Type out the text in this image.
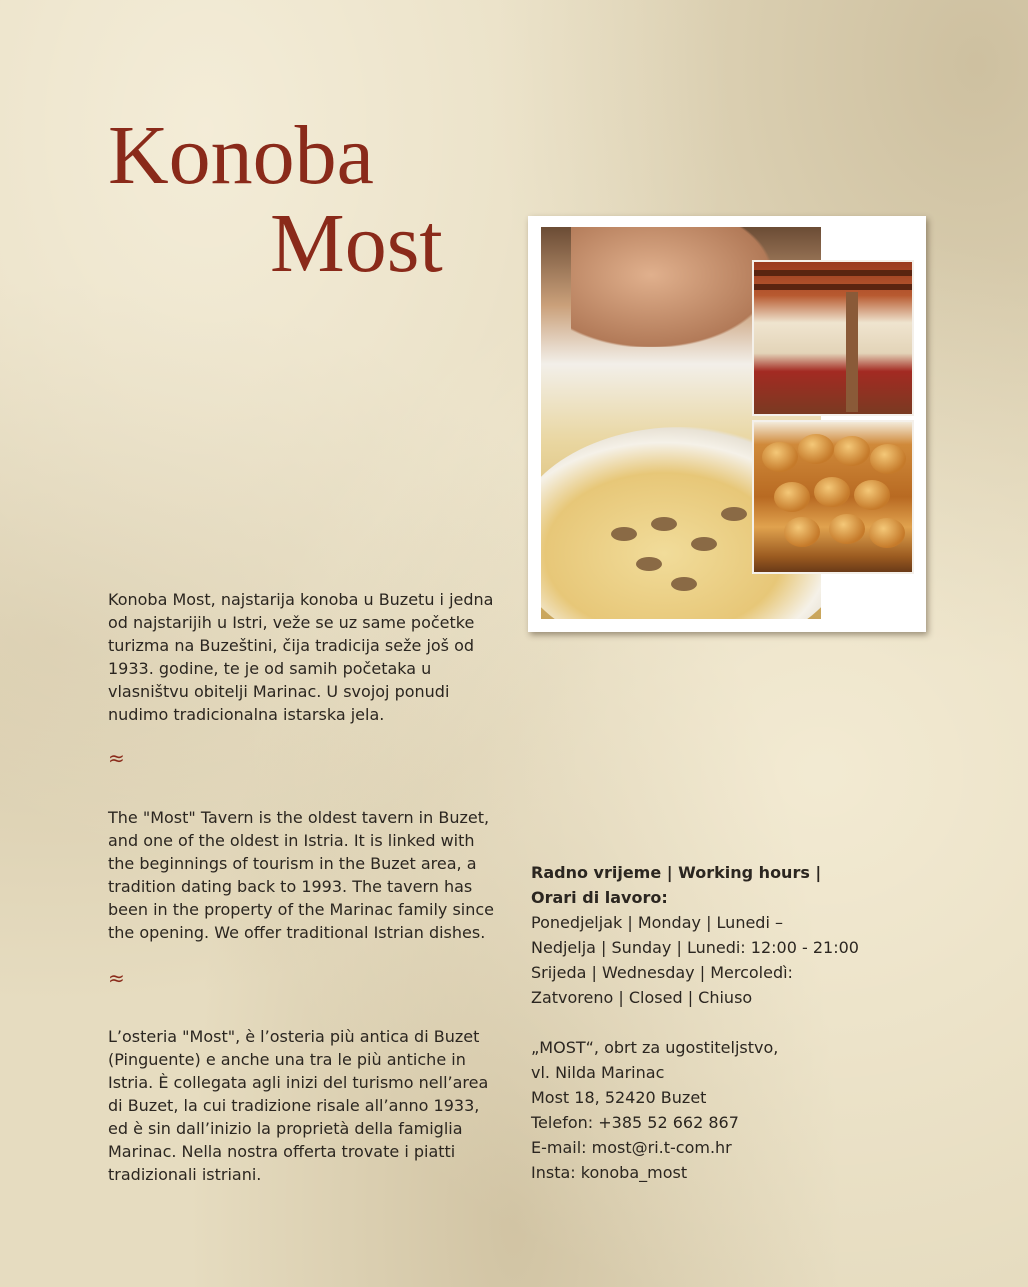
Konoba
Most

Konoba Most, najstarija konoba u Buzetu i jedna od najstarijih u Istri, veže se uz same početke turizma na Buzeštini, čija tradicija seže još od 1933. godine, te je od samih početaka u vlasništvu obitelji Marinac. U svojoj ponudi nudimo tradicionalna istarska jela.

≈

The "Most" Tavern is the oldest tavern in Buzet, and one of the oldest in Istria. It is linked with the beginnings of tourism in the Buzet area, a tradition dating back to 1993. The tavern has been in the property of the Marinac family since the opening. We offer traditional Istrian dishes.

≈

L’osteria "Most", è l’osteria più antica di Buzet (Pinguente) e anche una tra le più antiche in Istria. È collegata agli inizi del turismo nell’area di Buzet, la cui tradizione risale all’anno 1933, ed è sin dall’inizio la proprietà della famiglia Marinac. Nella nostra offerta trovate i piatti tradizionali istriani.

Radno vrijeme | Working hours |
Orari di lavoro:
Ponedjeljak | Monday | Lunedi –
Nedjelja | Sunday | Lunedi: 12:00 - 21:00
Srijeda | Wednesday | Mercoledì:
Zatvoreno | Closed | Chiuso
„MOST“, obrt za ugostiteljstvo,
vl. Nilda Marinac
Most 18, 52420 Buzet
Telefon: +385 52 662 867
E-mail: most@ri.t-com.hr
Insta: konoba_most
